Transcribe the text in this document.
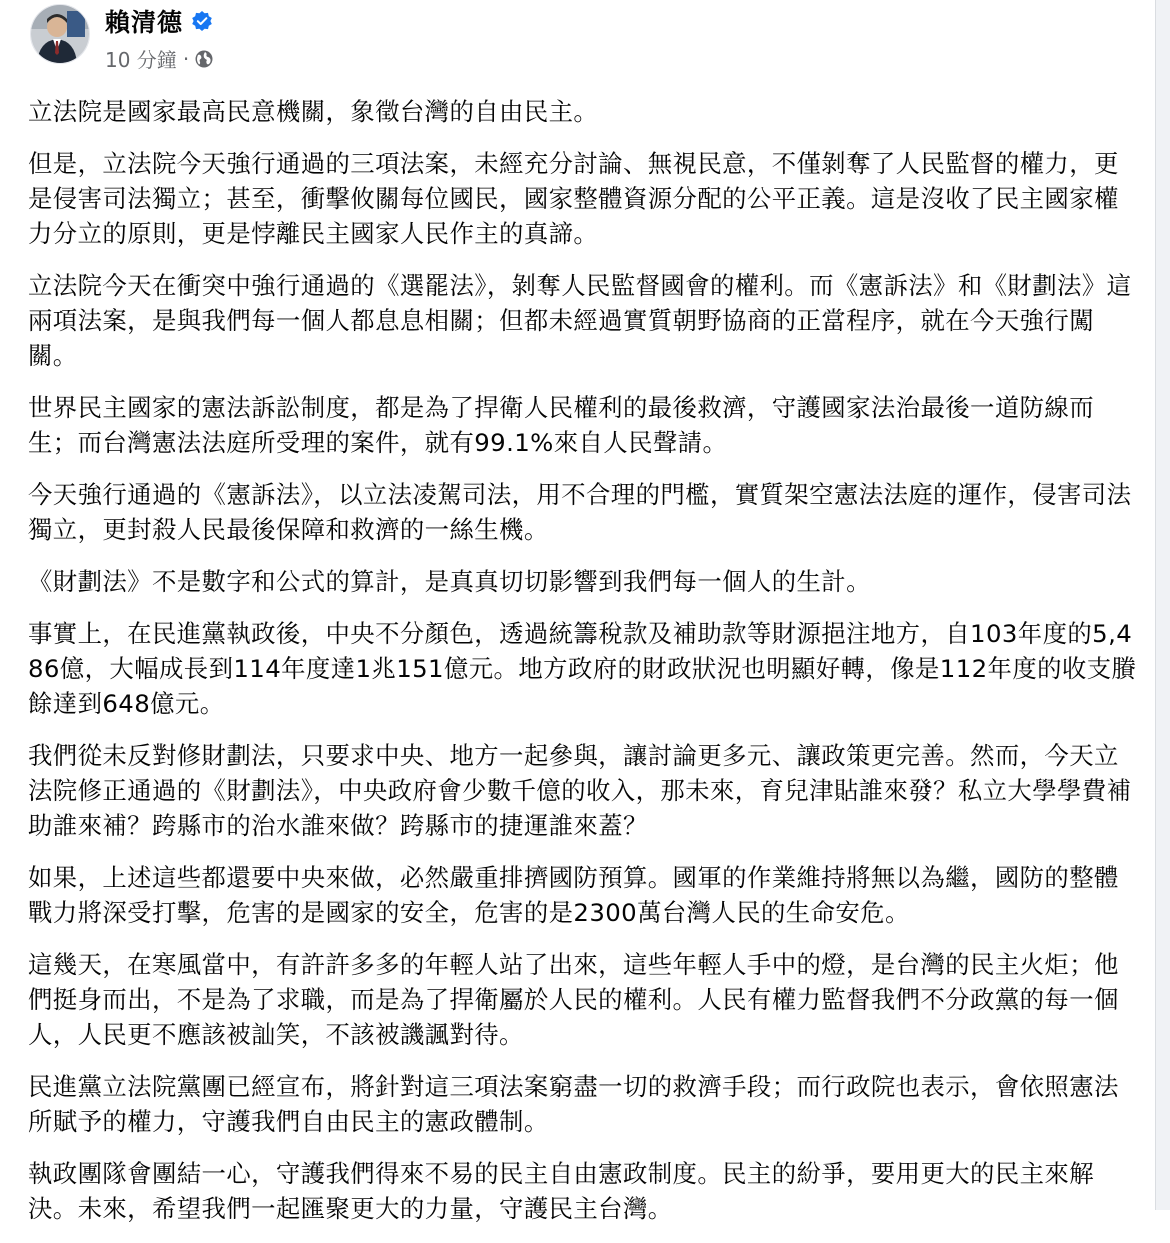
賴清德
10 分鐘 ·

立法院是國家最高民意機關，象徵台灣的自由民主。

但是，立法院今天強行通過的三項法案，未經充分討論、無視民意，不僅剝奪了人民監督的權力，更是侵害司法獨立；甚至，衝擊攸關每位國民，國家整體資源分配的公平正義。這是沒收了民主國家權力分立的原則，更是悖離民主國家人民作主的真諦。

立法院今天在衝突中強行通過的《選罷法》，剝奪人民監督國會的權利。而《憲訴法》和《財劃法》這兩項法案，是與我們每一個人都息息相關；但都未經過實質朝野協商的正當程序，就在今天強行闖關。

世界民主國家的憲法訴訟制度，都是為了捍衛人民權利的最後救濟，守護國家法治最後一道防線而生；而台灣憲法法庭所受理的案件，就有99.1%來自人民聲請。

今天強行通過的《憲訴法》，以立法凌駕司法，用不合理的門檻，實質架空憲法法庭的運作，侵害司法獨立，更封殺人民最後保障和救濟的一絲生機。

《財劃法》不是數字和公式的算計，是真真切切影響到我們每一個人的生計。

事實上，在民進黨執政後，中央不分顏色，透過統籌稅款及補助款等財源挹注地方，自103年度的5,486億，大幅成長到114年度達1兆151億元。地方政府的財政狀況也明顯好轉，像是112年度的收支賸餘達到648億元。

我們從未反對修財劃法，只要求中央、地方一起參與，讓討論更多元、讓政策更完善。然而，今天立法院修正通過的《財劃法》，中央政府會少數千億的收入，那未來，育兒津貼誰來發？私立大學學費補助誰來補？跨縣市的治水誰來做？跨縣市的捷運誰來蓋？

如果，上述這些都還要中央來做，必然嚴重排擠國防預算。國軍的作業維持將無以為繼，國防的整體戰力將深受打擊，危害的是國家的安全，危害的是2300萬台灣人民的生命安危。

這幾天，在寒風當中，有許許多多的年輕人站了出來，這些年輕人手中的燈，是台灣的民主火炬；他們挺身而出，不是為了求職，而是為了捍衛屬於人民的權利。人民有權力監督我們不分政黨的每一個人，人民更不應該被訕笑，不該被譏諷對待。

民進黨立法院黨團已經宣布，將針對這三項法案窮盡一切的救濟手段；而行政院也表示，會依照憲法所賦予的權力，守護我們自由民主的憲政體制。

執政團隊會團結一心，守護我們得來不易的民主自由憲政制度。民主的紛爭，要用更大的民主來解決。未來，希望我們一起匯聚更大的力量，守護民主台灣。
